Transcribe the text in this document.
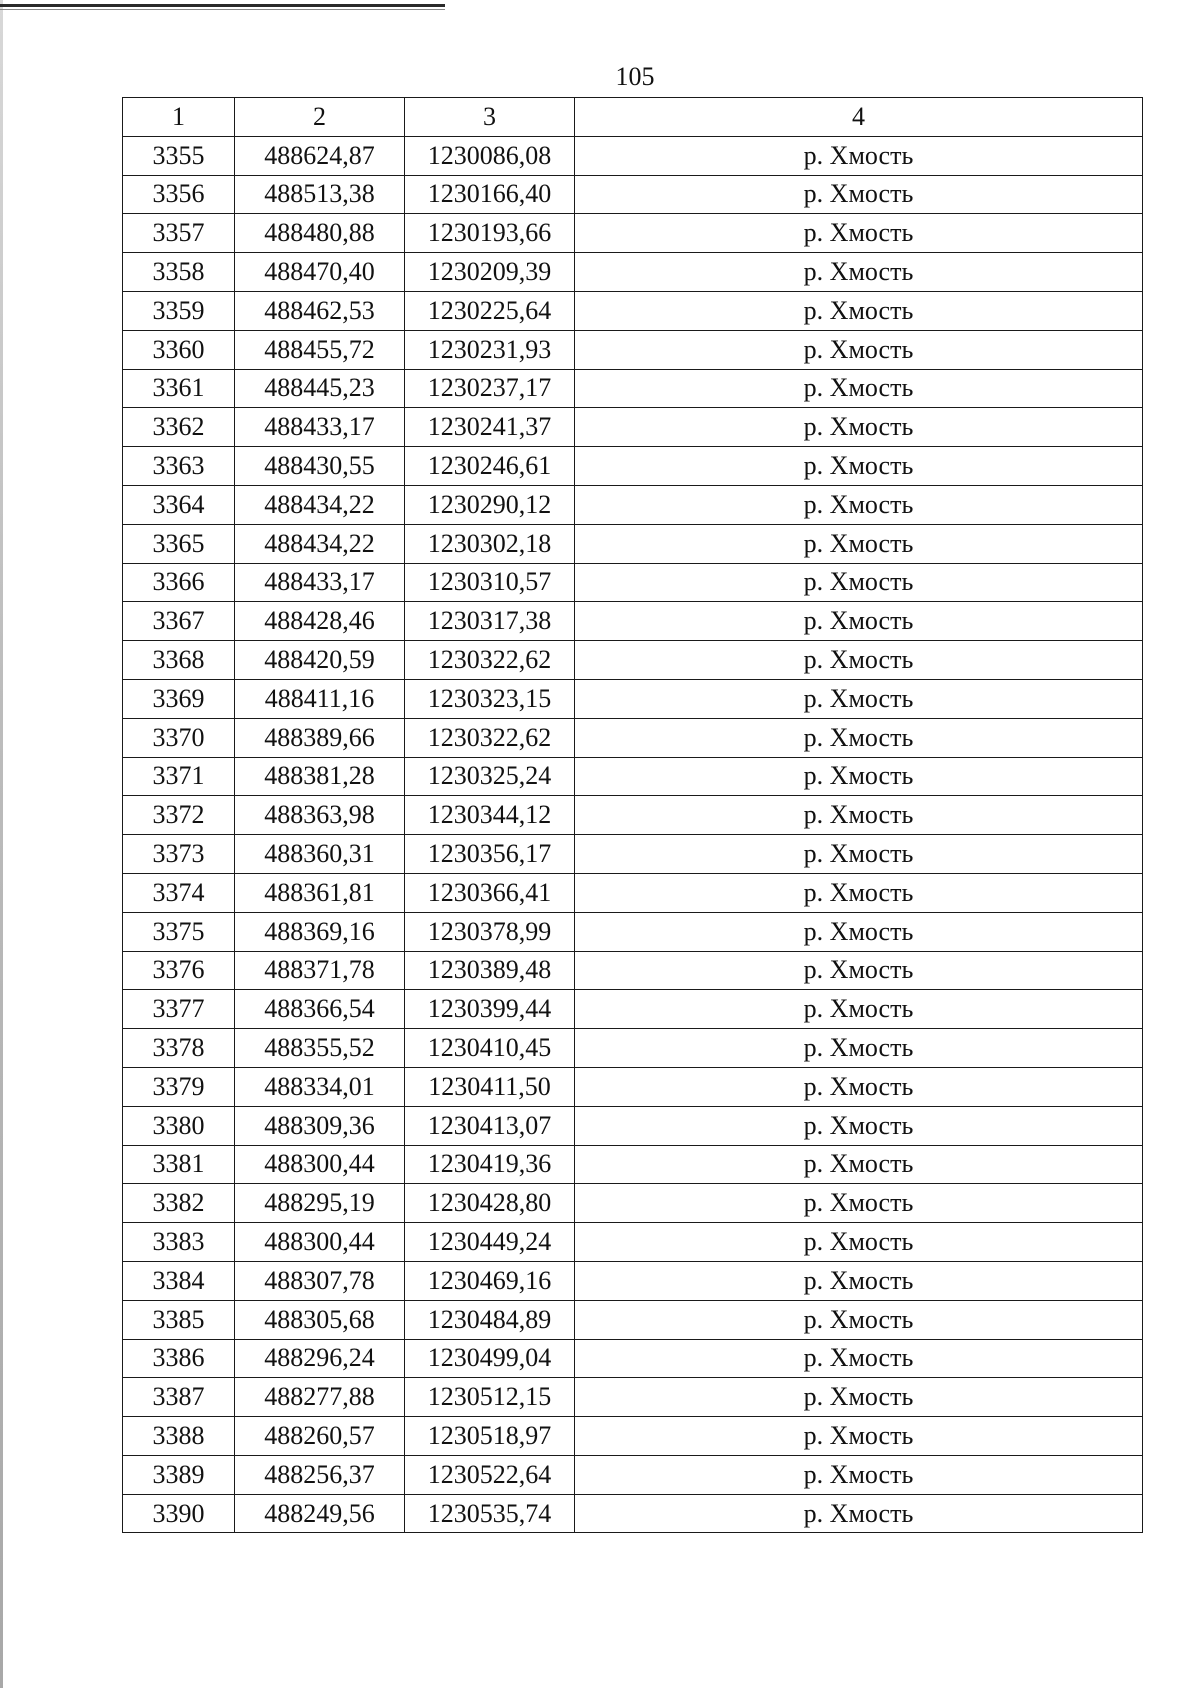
105
1	2	3	4
3355	488624,87	1230086,08	р. Хмость
3356	488513,38	1230166,40	р. Хмость
3357	488480,88	1230193,66	р. Хмость
3358	488470,40	1230209,39	р. Хмость
3359	488462,53	1230225,64	р. Хмость
3360	488455,72	1230231,93	р. Хмость
3361	488445,23	1230237,17	р. Хмость
3362	488433,17	1230241,37	р. Хмость
3363	488430,55	1230246,61	р. Хмость
3364	488434,22	1230290,12	р. Хмость
3365	488434,22	1230302,18	р. Хмость
3366	488433,17	1230310,57	р. Хмость
3367	488428,46	1230317,38	р. Хмость
3368	488420,59	1230322,62	р. Хмость
3369	488411,16	1230323,15	р. Хмость
3370	488389,66	1230322,62	р. Хмость
3371	488381,28	1230325,24	р. Хмость
3372	488363,98	1230344,12	р. Хмость
3373	488360,31	1230356,17	р. Хмость
3374	488361,81	1230366,41	р. Хмость
3375	488369,16	1230378,99	р. Хмость
3376	488371,78	1230389,48	р. Хмость
3377	488366,54	1230399,44	р. Хмость
3378	488355,52	1230410,45	р. Хмость
3379	488334,01	1230411,50	р. Хмость
3380	488309,36	1230413,07	р. Хмость
3381	488300,44	1230419,36	р. Хмость
3382	488295,19	1230428,80	р. Хмость
3383	488300,44	1230449,24	р. Хмость
3384	488307,78	1230469,16	р. Хмость
3385	488305,68	1230484,89	р. Хмость
3386	488296,24	1230499,04	р. Хмость
3387	488277,88	1230512,15	р. Хмость
3388	488260,57	1230518,97	р. Хмость
3389	488256,37	1230522,64	р. Хмость
3390	488249,56	1230535,74	р. Хмость
